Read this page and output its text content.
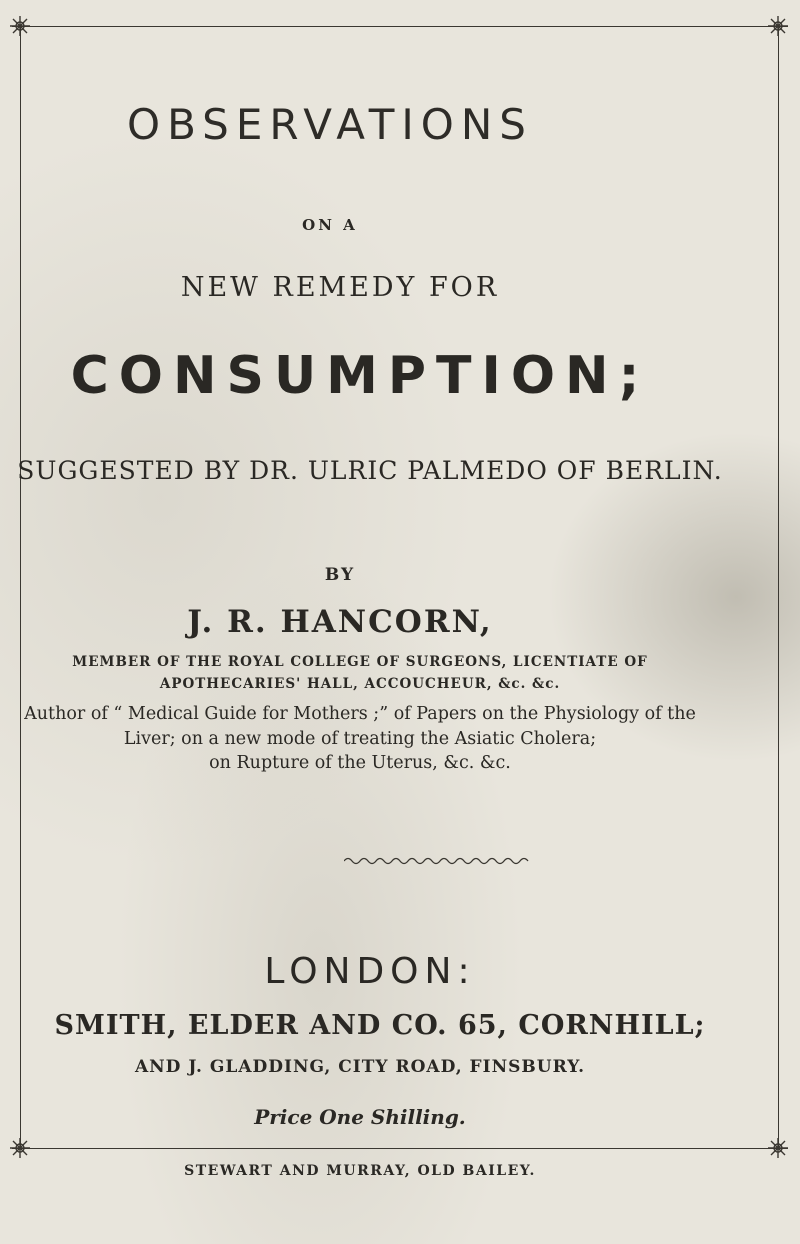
OBSERVATIONS
ON A
NEW REMEDY FOR
CONSUMPTION;
SUGGESTED BY DR. ULRIC PALMEDO OF BERLIN.
BY
J. R. HANCORN,
MEMBER OF THE ROYAL COLLEGE OF SURGEONS, LICENTIATE OF
APOTHECARIES' HALL, ACCOUCHEUR, &c. &c.
Author of “ Medical Guide for Mothers ;” of Papers on the Physiology of the
Liver; on a new mode of treating the Asiatic Cholera;
on Rupture of the Uterus, &c. &c.
LONDON:
SMITH, ELDER AND CO. 65, CORNHILL;
AND J. GLADDING, CITY ROAD, FINSBURY.
Price One Shilling.
STEWART AND MURRAY, OLD BAILEY.
